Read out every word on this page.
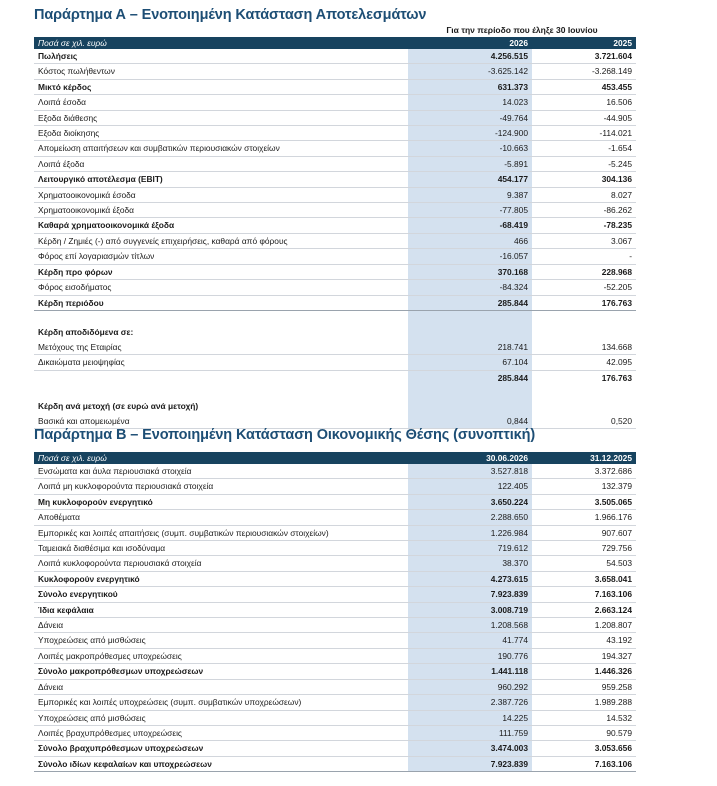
Παράρτημα Α – Ενοποιημένη Κατάσταση Αποτελεσμάτων
Για την περίοδο που έληξε 30 Ιουνίου
Ποσά σε χιλ. ευρώ	2026	2025
Πωλήσεις	4.256.515	3.721.604
Κόστος πωλήθεντων	-3.625.142	-3.268.149
Μικτό κέρδος	631.373	453.455
Λοιπά έσοδα	14.023	16.506
Εξοδα διάθεσης	-49.764	-44.905
Εξοδα διοίκησης	-124.900	-114.021
Απομείωση απαιτήσεων και συμβατικών περιουσιακών στοιχείων	-10.663	-1.654
Λοιπά έξοδα	-5.891	-5.245
Λειτουργικό αποτέλεσμα (EBIT)	454.177	304.136
Χρηματοοικονομικά έσοδα	9.387	8.027
Χρηματοοικονομικά έξοδα	-77.805	-86.262
Καθαρά χρηματοοικονομικά έξοδα	-68.419	-78.235
Κέρδη / Ζημιές (-) από συγγενείς επιχειρήσεις, καθαρά από φόρους	466	3.067
Φόρος επί λογαριασμών τίτλων	-16.057	-
Κέρδη προ φόρων	370.168	228.968
Φόρος εισοδήματος	-84.324	-52.205
Κέρδη περιόδου	285.844	176.763

Κέρδη αποδιδόμενα σε:		
Μετόχους της Εταιρίας	218.741	134.668
Δικαιώματα μειοψηφίας	67.104	42.095
	285.844	176.763

Κέρδη ανά μετοχή (σε ευρώ ανά μετοχή)		
Βασικά και απομειωμένα	0,844	0,520
Παράρτημα Β – Ενοποιημένη Κατάσταση Οικονομικής Θέσης (συνοπτική)
Ποσά σε χιλ. ευρώ	30.06.2026	31.12.2025
Ενσώματα και άυλα περιουσιακά στοιχεία	3.527.818	3.372.686
Λοιπά μη κυκλοφορούντα περιουσιακά στοιχεία	122.405	132.379
Μη κυκλοφορούν ενεργητικό	3.650.224	3.505.065
Αποθέματα	2.288.650	1.966.176
Εμπορικές και λοιπές απαιτήσεις (συμπ. συμβατικών περιουσιακών στοιχείων)	1.226.984	907.607
Ταμειακά διαθέσιμα και ισοδύναμα	719.612	729.756
Λοιπά κυκλοφορούντα περιουσιακά στοιχεία	38.370	54.503
Κυκλοφορούν ενεργητικό	4.273.615	3.658.041
Σύνολο ενεργητικού	7.923.839	7.163.106
Ίδια κεφάλαια	3.008.719	2.663.124
Δάνεια	1.208.568	1.208.807
Υποχρεώσεις από μισθώσεις	41.774	43.192
Λοιπές μακροπρόθεσμες υποχρεώσεις	190.776	194.327
Σύνολο μακροπρόθεσμων υποχρεώσεων	1.441.118	1.446.326
Δάνεια	960.292	959.258
Εμπορικές και λοιπές υποχρεώσεις (συμπ. συμβατικών υποχρεώσεων)	2.387.726	1.989.288
Υποχρεώσεις από μισθώσεις	14.225	14.532
Λοιπές βραχυπρόθεσμες υποχρεώσεις	111.759	90.579
Σύνολο βραχυπρόθεσμων υποχρεώσεων	3.474.003	3.053.656
Σύνολο ιδίων κεφαλαίων και υποχρεώσεων	7.923.839	7.163.106
